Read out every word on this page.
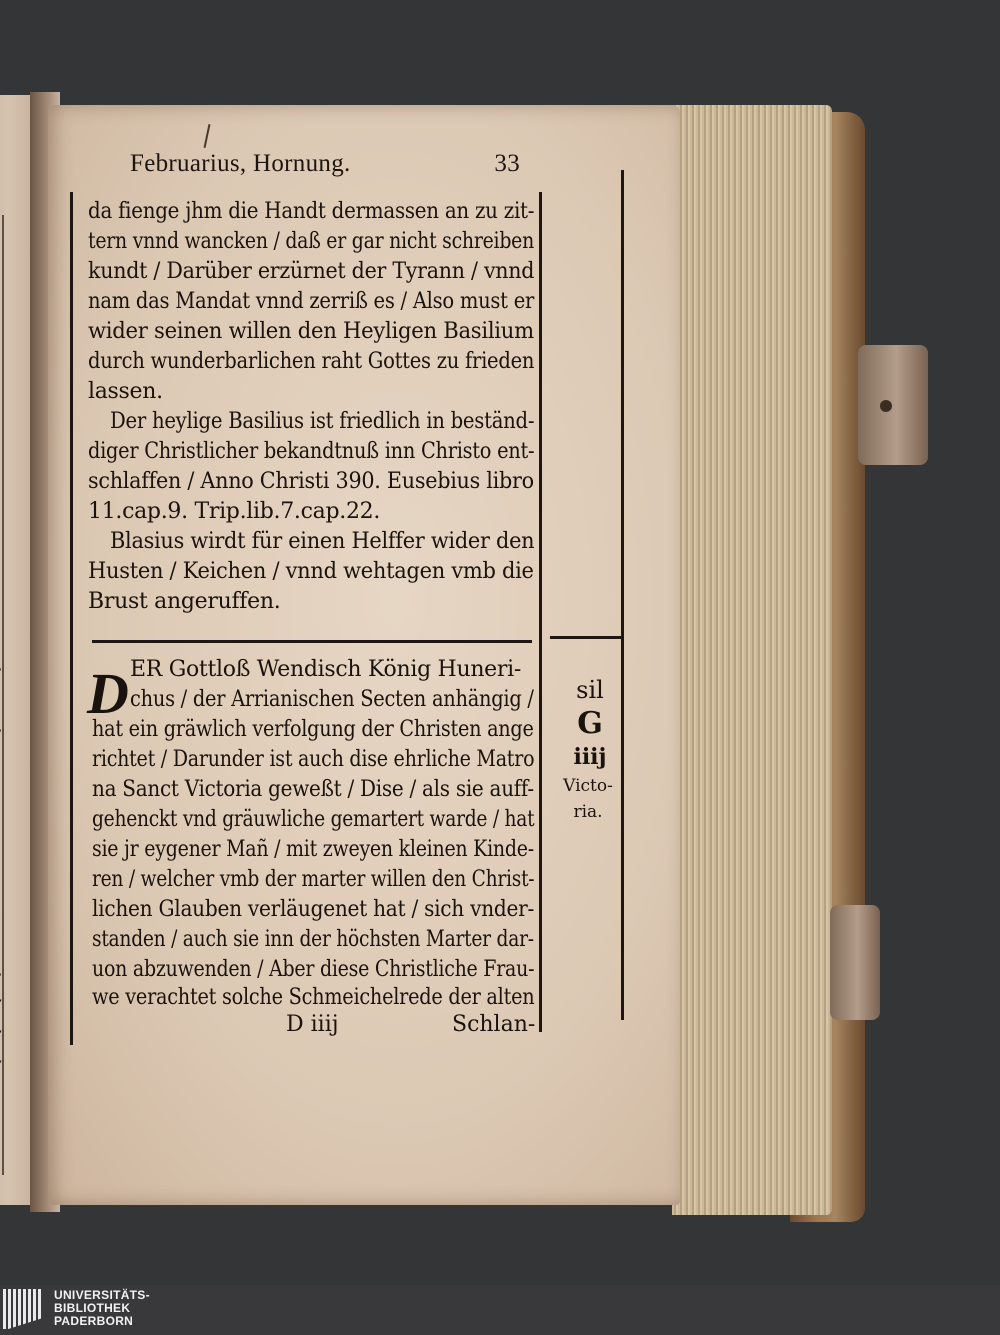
Februarius, Hornung.	33
da fienge jhm die Handt dermassen an zu zit-
tern vnnd wancken / daß er gar nicht schreiben
kundt / Darüber erzürnet der Tyrann / vnnd
nam das Mandat vnnd zerriß es / Also must er
wider seinen willen den Heyligen Basilium
durch wunderbarlichen raht Gottes zu frieden
lassen.
Der heylige Basilius ist friedlich in beständ-
diger Christlicher bekandtnuß inn Christo ent-
schlaffen / Anno Christi 390. Eusebius libro
11.cap.9. Trip.lib.7.cap.22.
Blasius wirdt für einen Helffer wider den
Husten / Keichen / vnnd wehtagen vmb die
Brust angeruffen.
D ER Gottloß Wendisch König Huneri-
chus / der Arrianischen Secten anhängig /
hat ein gräwlich verfolgung der Christen ange
richtet / Darunder ist auch dise ehrliche Matro
na Sanct Victoria geweßt / Dise / als sie auff-
gehenckt vnd gräuwliche gemartert warde / hat
sie jr eygener Mañ / mit zweyen kleinen Kinde-
ren / welcher vmb der marter willen den Christ-
lichen Glauben verläugenet hat / sich vnder-
standen / auch sie inn der höchsten Marter dar-
uon abzuwenden / Aber diese Christliche Frau-
we verachtet solche Schmeichelrede der alten
D iiij	Schlan-
sil
G
iiij
Victo-
ria.
UNIVERSITÄTS-
BIBLIOTHEK
PADERBORN
